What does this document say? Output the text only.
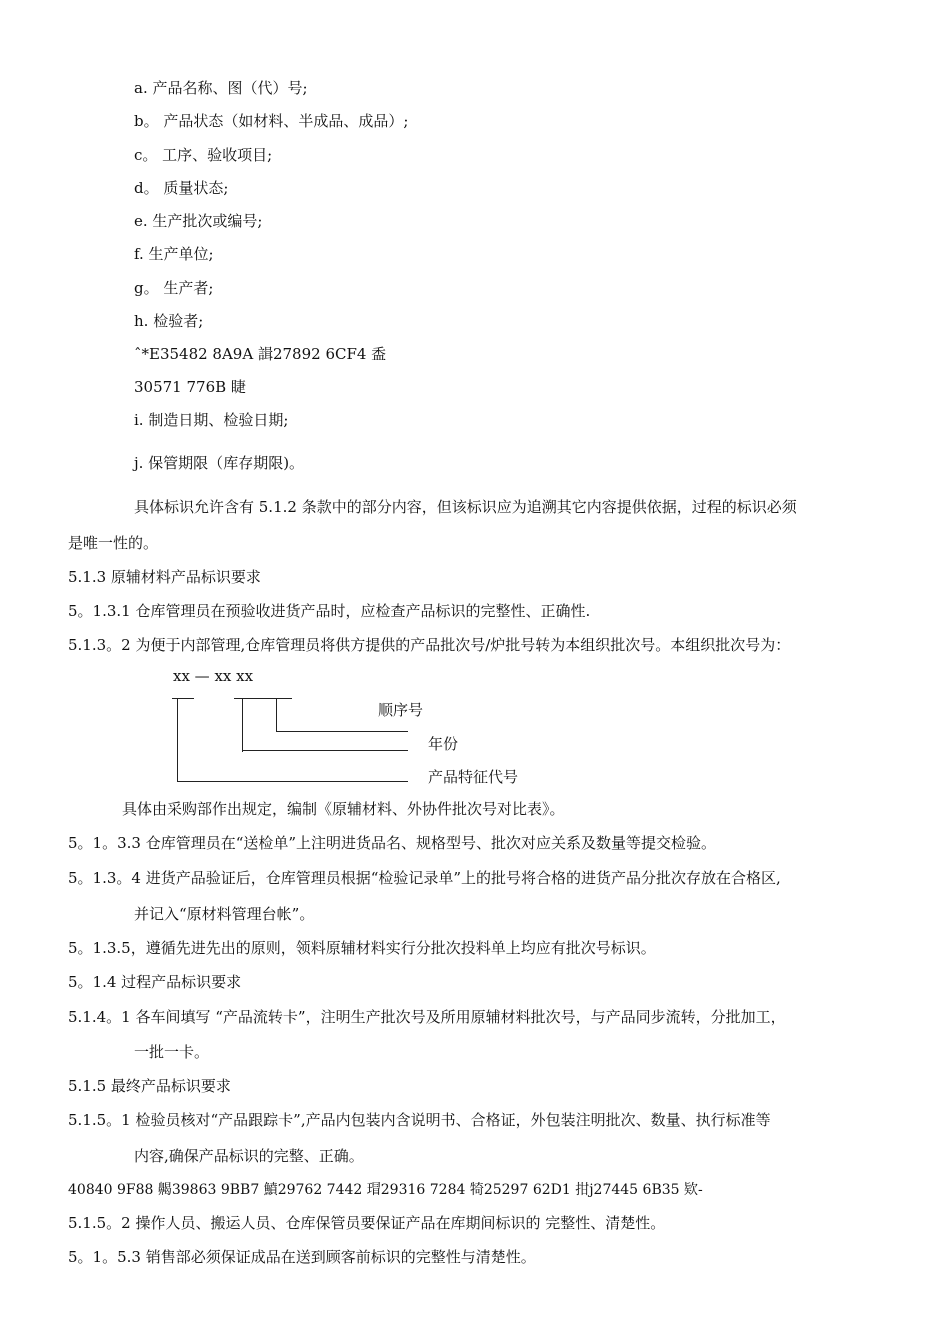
a. 产品名称、图（代）号;
b。 产品状态（如材料、半成品、成品）;
c。 工序、验收项目;
d。 质量状态;
e. 生产批次或编号;
f. 生产单位;
g。 生产者;
h. 检验者;
ˆ*E35482 8A9A 諿27892 6CF4 盉
30571 776B 睫
i. 制造日期、检验日期;
j. 保管期限（库存期限)。
具体标识允许含有 5.1.2 条款中的部分内容，但该标识应为追溯其它内容提供依据，过程的标识必须
是唯一性的。
5.1.3 原辅材料产品标识要求
5。1.3.1 仓库管理员在预验收进货产品时，应检查产品标识的完整性、正确性.
5.1.3。2 为便于内部管理,仓库管理员将供方提供的产品批次号/炉批号转为本组织批次号。本组织批次号为：
xx — xx xx
顺序号
年份
产品特征代号
具体由采购部作出规定，编制《原辅材料、外协件批次号对比表》。
5。1。3.3 仓库管理员在“送检单”上注明进货品名、规格型号、批次对应关系及数量等提交检验。
5。1.3。4 进货产品验证后，仓库管理员根据“检验记录单”上的批号将合格的进货产品分批次存放在合格区,
并记入“原材料管理台帐”。
5。1.3.5，遵循先进先出的原则，领料原辅材料实行分批次投料单上均应有批次号标识。
5。1.4 过程产品标识要求
5.1.4。1 各车间填写 “产品流转卡”，注明生产批次号及所用原辅材料批次号，与产品同步流转，分批加工，
一批一卡。
5.1.5 最终产品标识要求
5.1.5。1 检验员核对“产品跟踪卡”,产品内包装内含说明书、合格证，外包装注明批次、数量、执行标准等
内容,确保产品标识的完整、正确。
40840 9F88 齃39863 9BB7 鱝29762 7442 瑁29316 7284 犄25297 62D1 拑j27445 6B35 欵-
5.1.5。2 操作人员、搬运人员、仓库保管员要保证产品在库期间标识的 完整性、清楚性。
5。1。5.3 销售部必须保证成品在送到顾客前标识的完整性与清楚性。
